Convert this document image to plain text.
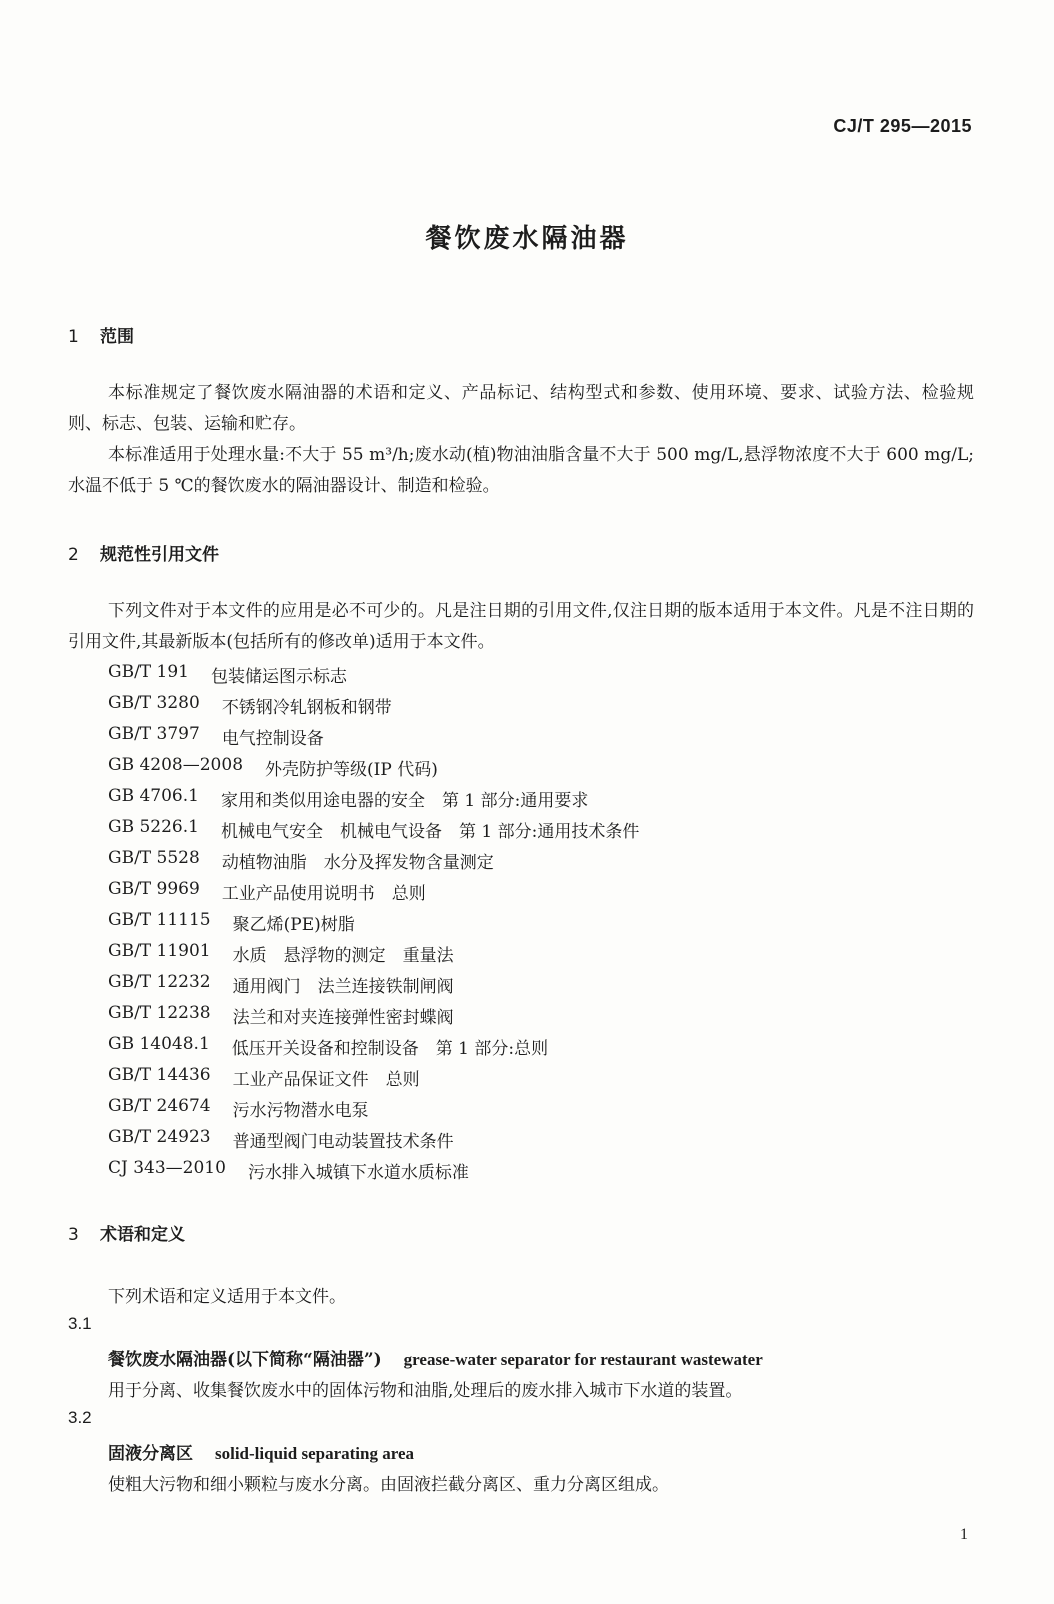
CJ/T 295—2015
餐饮废水隔油器
1 范围
本标准规定了餐饮废水隔油器的术语和定义、产品标记、结构型式和参数、使用环境、要求、试验方法、检验规则、标志、包装、运输和贮存。
本标准适用于处理水量:不大于 55 m³/h;废水动(植)物油油脂含量不大于 500 mg/L,悬浮物浓度不大于 600 mg/L;水温不低于 5 ℃的餐饮废水的隔油器设计、制造和检验。
2 规范性引用文件
下列文件对于本文件的应用是必不可少的。凡是注日期的引用文件,仅注日期的版本适用于本文件。凡是不注日期的引用文件,其最新版本(包括所有的修改单)适用于本文件。
GB/T 191 包装储运图示标志
GB/T 3280 不锈钢冷轧钢板和钢带
GB/T 3797 电气控制设备
GB 4208—2008 外壳防护等级(IP 代码)
GB 4706.1 家用和类似用途电器的安全　第 1 部分:通用要求
GB 5226.1 机械电气安全　机械电气设备　第 1 部分:通用技术条件
GB/T 5528 动植物油脂　水分及挥发物含量测定
GB/T 9969 工业产品使用说明书　总则
GB/T 11115 聚乙烯(PE)树脂
GB/T 11901 水质　悬浮物的测定　重量法
GB/T 12232 通用阀门　法兰连接铁制闸阀
GB/T 12238 法兰和对夹连接弹性密封蝶阀
GB 14048.1 低压开关设备和控制设备　第 1 部分:总则
GB/T 14436 工业产品保证文件　总则
GB/T 24674 污水污物潜水电泵
GB/T 24923 普通型阀门电动装置技术条件
CJ 343—2010 污水排入城镇下水道水质标准
3 术语和定义
下列术语和定义适用于本文件。
3.1
餐饮废水隔油器(以下简称“隔油器”) grease-water separator for restaurant wastewater
用于分离、收集餐饮废水中的固体污物和油脂,处理后的废水排入城市下水道的装置。
3.2
固液分离区 solid-liquid separating area
使粗大污物和细小颗粒与废水分离。由固液拦截分离区、重力分离区组成。
1
